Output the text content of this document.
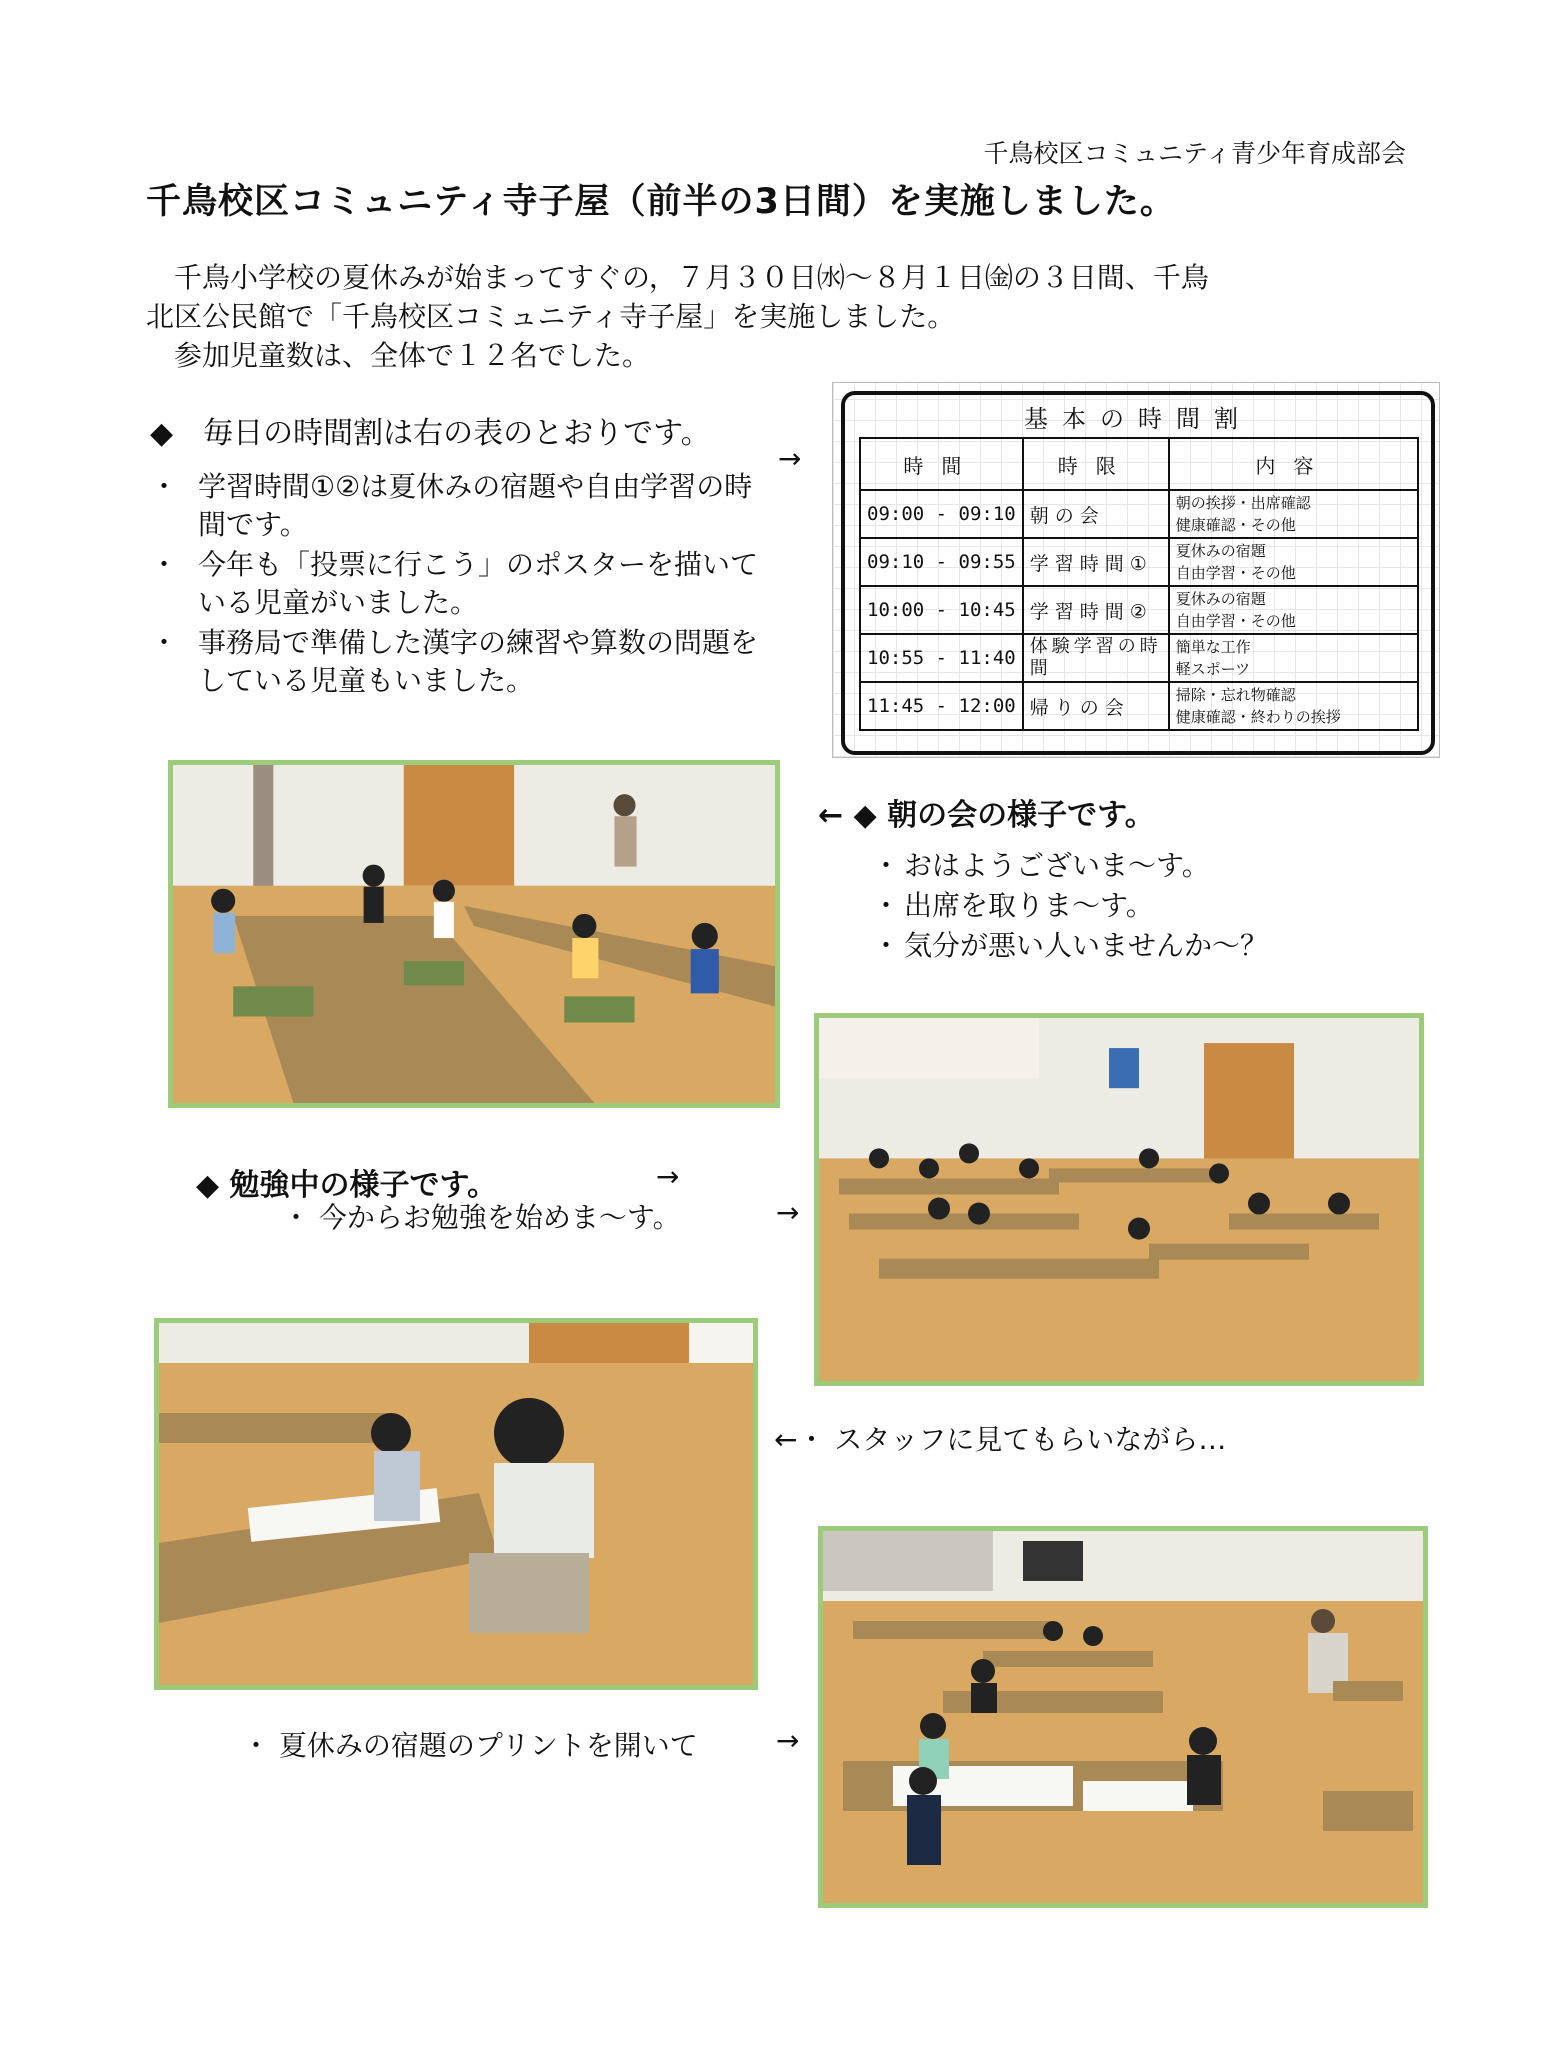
千鳥校区コミュニティ青少年育成部会
千鳥校区コミュニティ寺子屋（前半の3日間）を実施しました。

千鳥小学校の夏休みが始まってすぐの，７月３０日㈬～８月１日㈮の３日間、千鳥

北区公民館で「千鳥校区コミュニティ寺子屋」を実施しました。

参加児童数は、全体で１２名でした。

◆　毎日の時間割は右の表のとおりです。
・ 学習時間①②は夏休みの宿題や自由学習の時間です。
・ 今年も「投票に行こう」のポスターを描いている児童がいました。
・ 事務局で準備した漢字の練習や算数の問題をしている児童もいました。
→
基本の時間割
時間	時限	内容
09:00 - 09:10	朝の会	朝の挨拶・出席確認
健康確認・その他

09:10 - 09:55	学習時間①	夏休みの宿題
自由学習・その他

10:00 - 10:45	学習時間②	夏休みの宿題
自由学習・その他

10:55 - 11:40	体験学習の時間	簡単な工作
軽スポーツ

11:45 - 12:00	帰りの会	掃除・忘れ物確認
健康確認・終わりの挨拶
← ◆ 朝の会の様子です。
・ おはようございま～す。
・ 出席を取りま～す。
・ 気分が悪い人いませんか～？
◆ 勉強中の様子です。	→
・ 今からお勉強を始めま～す。	→
←・ スタッフに見てもらいながら…
・ 夏休みの宿題のプリントを開いて	→
